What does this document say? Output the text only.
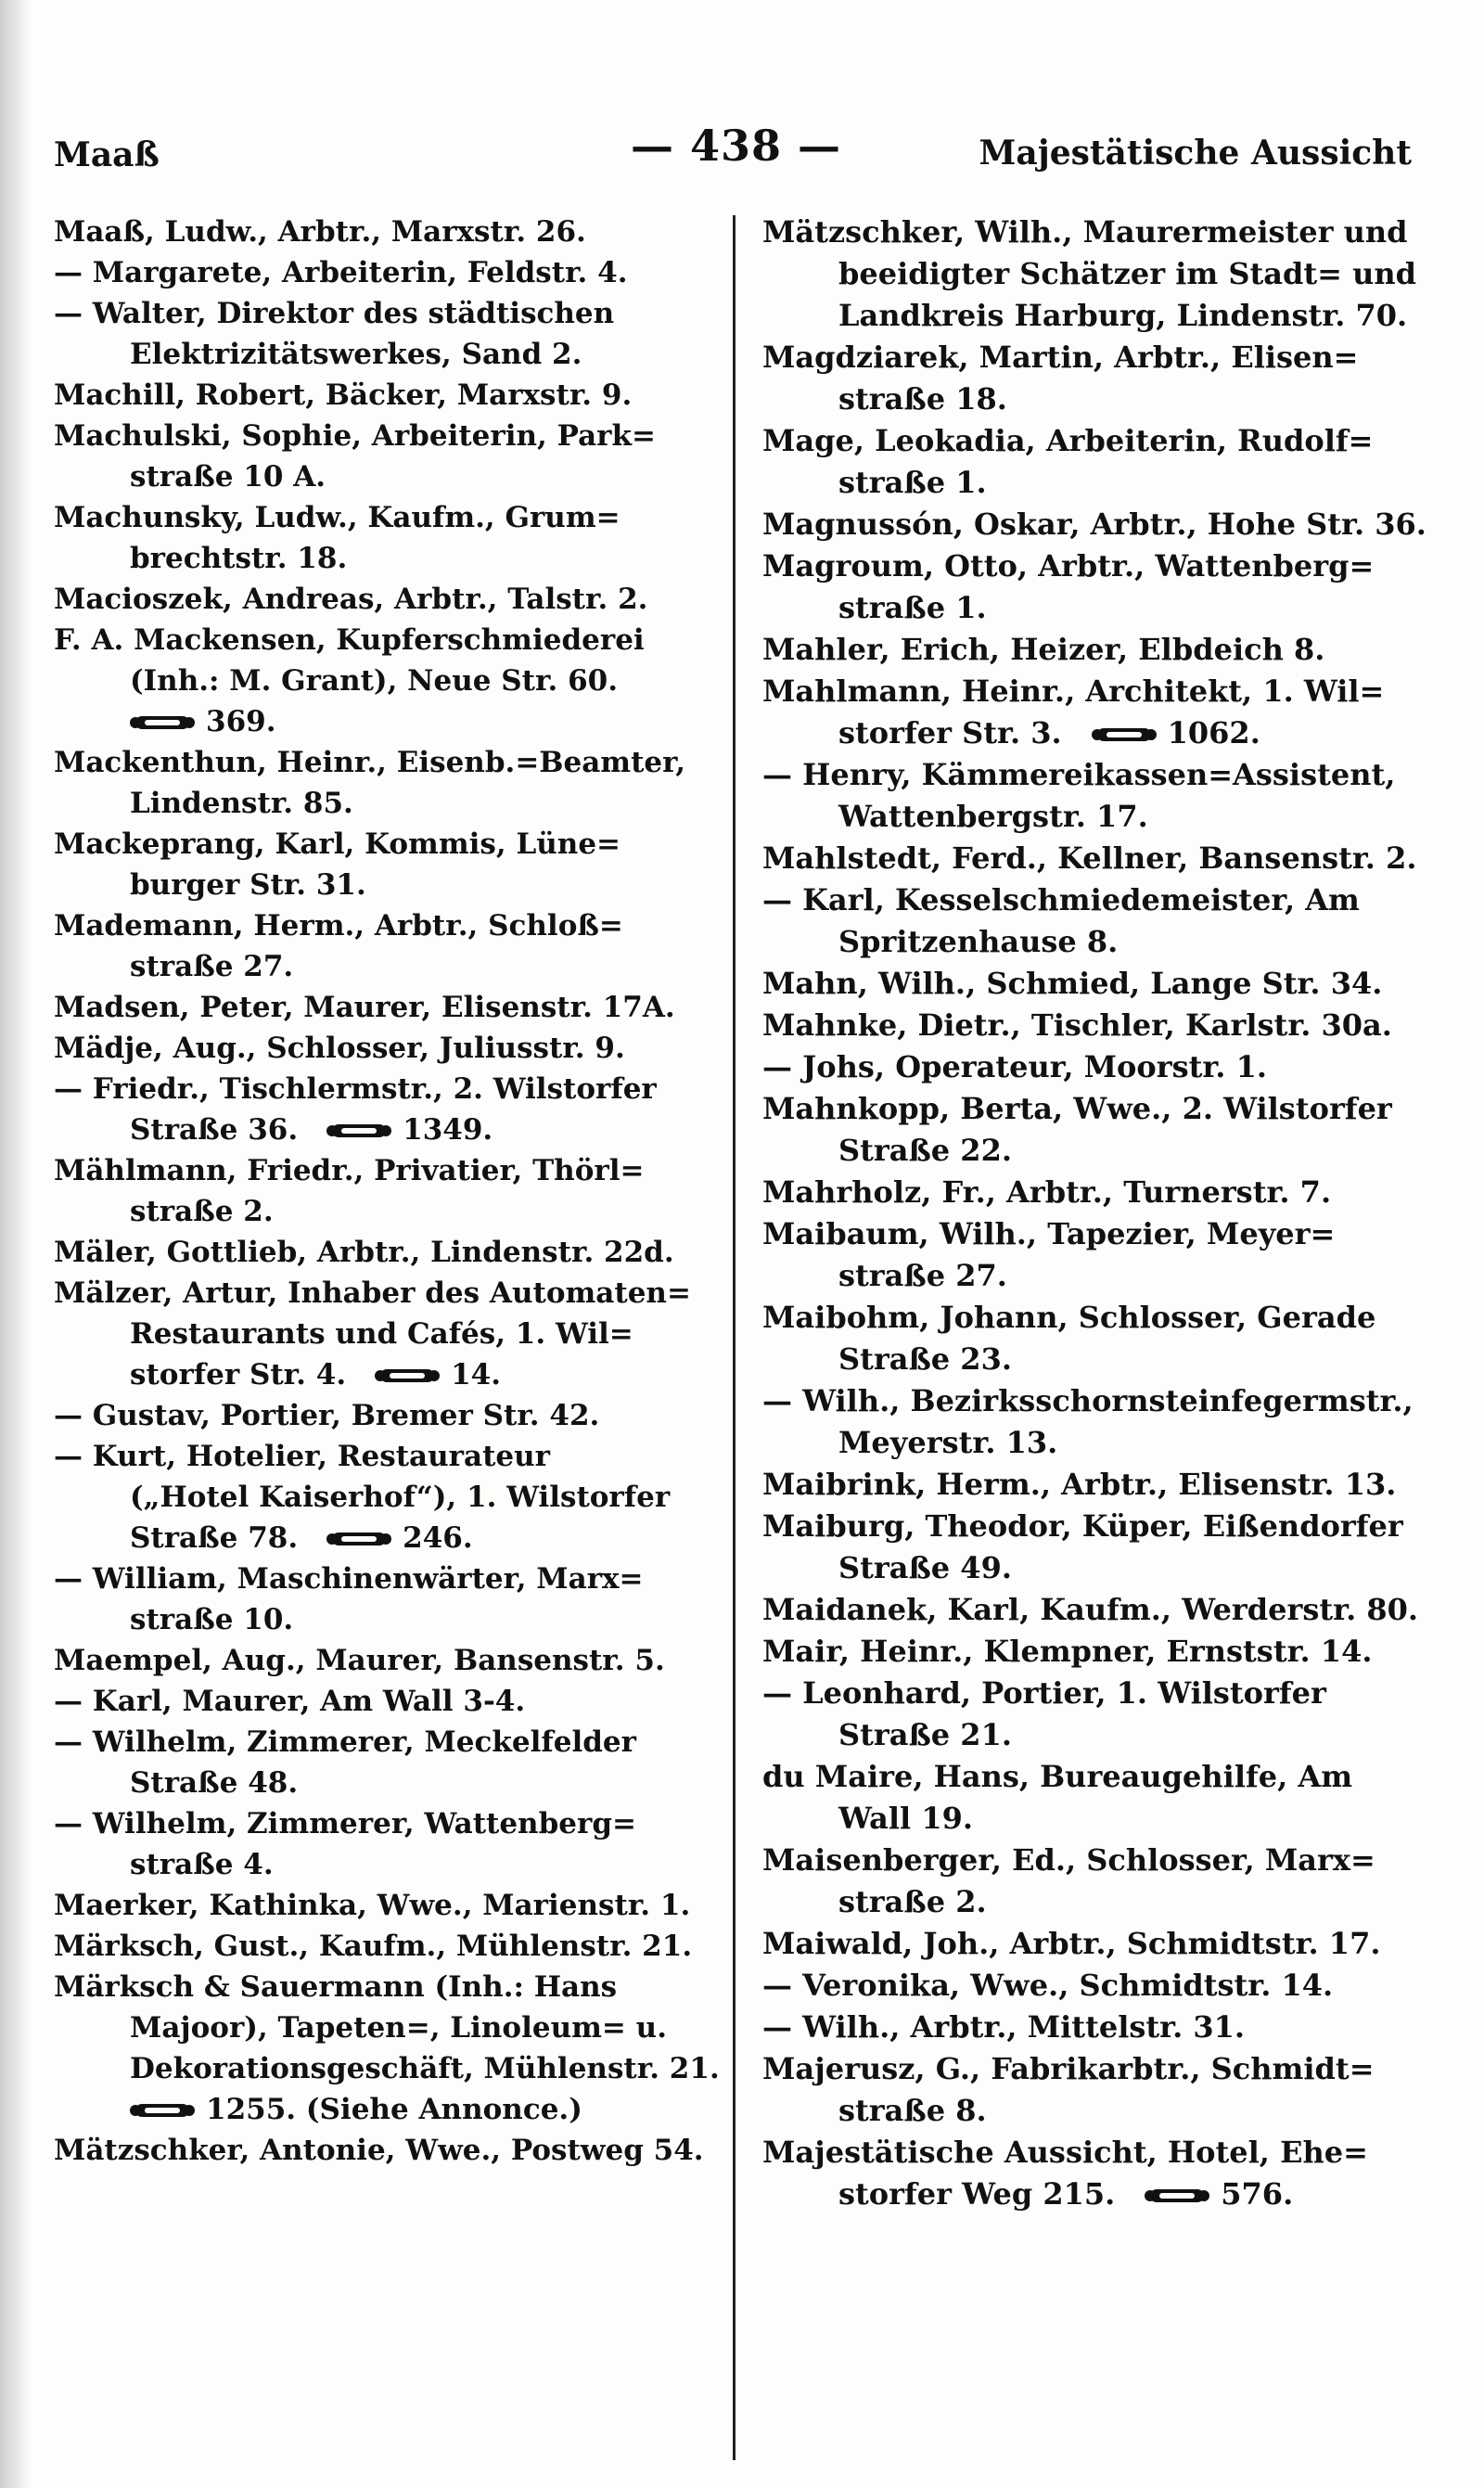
Maaß	— 438 —	Majestätische Aussicht
Maaß, Ludw., Arbtr., Marxstr. 26.
— Margarete, Arbeiterin, Feldstr. 4.
— Walter, Direktor des städtischen
Elektrizitätswerkes, Sand 2.
Machill, Robert, Bäcker, Marxstr. 9.
Machulski, Sophie, Arbeiterin, Park=
straße 10 A.
Machunsky, Ludw., Kaufm., Grum=
brechtstr. 18.
Macioszek, Andreas, Arbtr., Talstr. 2.
F. A. Mackensen, Kupferschmiederei
(Inh.: M. Grant), Neue Str. 60.
369.
Mackenthun, Heinr., Eisenb.=Beamter,
Lindenstr. 85.
Mackeprang, Karl, Kommis, Lüne=
burger Str. 31.
Mademann, Herm., Arbtr., Schloß=
straße 27.
Madsen, Peter, Maurer, Elisenstr. 17A.
Mädje, Aug., Schlosser, Juliusstr. 9.
— Friedr., Tischlermstr., 2. Wilstorfer
Straße 36. 	1349.
Mählmann, Friedr., Privatier, Thörl=
straße 2.
Mäler, Gottlieb, Arbtr., Lindenstr. 22d.
Mälzer, Artur, Inhaber des Automaten=
Restaurants und Cafés, 1. Wil=
storfer Str. 4. 	14.
— Gustav, Portier, Bremer Str. 42.
— Kurt, Hotelier, Restaurateur
(„Hotel Kaiserhof“), 1. Wilstorfer
Straße 78. 	246.
— William, Maschinenwärter, Marx=
straße 10.
Maempel, Aug., Maurer, Bansenstr. 5.
— Karl, Maurer, Am Wall 3-4.
— Wilhelm, Zimmerer, Meckelfelder
Straße 48.
— Wilhelm, Zimmerer, Wattenberg=
straße 4.
Maerker, Kathinka, Wwe., Marienstr. 1.
Märksch, Gust., Kaufm., Mühlenstr. 21.
Märksch & Sauermann (Inh.: Hans
Majoor), Tapeten=, Linoleum= u.
Dekorationsgeschäft, Mühlenstr. 21.
1255. (Siehe Annonce.)
Mätzschker, Antonie, Wwe., Postweg 54.
Mätzschker, Wilh., Maurermeister und
beeidigter Schätzer im Stadt= und
Landkreis Harburg, Lindenstr. 70.
Magdziarek, Martin, Arbtr., Elisen=
straße 18.
Mage, Leokadia, Arbeiterin, Rudolf=
straße 1.
Magnussón, Oskar, Arbtr., Hohe Str. 36.
Magroum, Otto, Arbtr., Wattenberg=
straße 1.
Mahler, Erich, Heizer, Elbdeich 8.
Mahlmann, Heinr., Architekt, 1. Wil=
storfer Str. 3. 	1062.
— Henry, Kämmereikassen=Assistent,
Wattenbergstr. 17.
Mahlstedt, Ferd., Kellner, Bansenstr. 2.
— Karl, Kesselschmiedemeister, Am
Spritzenhause 8.
Mahn, Wilh., Schmied, Lange Str. 34.
Mahnke, Dietr., Tischler, Karlstr. 30a.
— Johs, Operateur, Moorstr. 1.
Mahnkopp, Berta, Wwe., 2. Wilstorfer
Straße 22.
Mahrholz, Fr., Arbtr., Turnerstr. 7.
Maibaum, Wilh., Tapezier, Meyer=
straße 27.
Maibohm, Johann, Schlosser, Gerade
Straße 23.
— Wilh., Bezirksschornsteinfegermstr.,
Meyerstr. 13.
Maibrink, Herm., Arbtr., Elisenstr. 13.
Maiburg, Theodor, Küper, Eißendorfer
Straße 49.
Maidanek, Karl, Kaufm., Werderstr. 80.
Mair, Heinr., Klempner, Ernststr. 14.
— Leonhard, Portier, 1. Wilstorfer
Straße 21.
du Maire, Hans, Bureaugehilfe, Am
Wall 19.
Maisenberger, Ed., Schlosser, Marx=
straße 2.
Maiwald, Joh., Arbtr., Schmidtstr. 17.
— Veronika, Wwe., Schmidtstr. 14.
— Wilh., Arbtr., Mittelstr. 31.
Majerusz, G., Fabrikarbtr., Schmidt=
straße 8.
Majestätische Aussicht, Hotel, Ehe=
storfer Weg 215. 	576.
